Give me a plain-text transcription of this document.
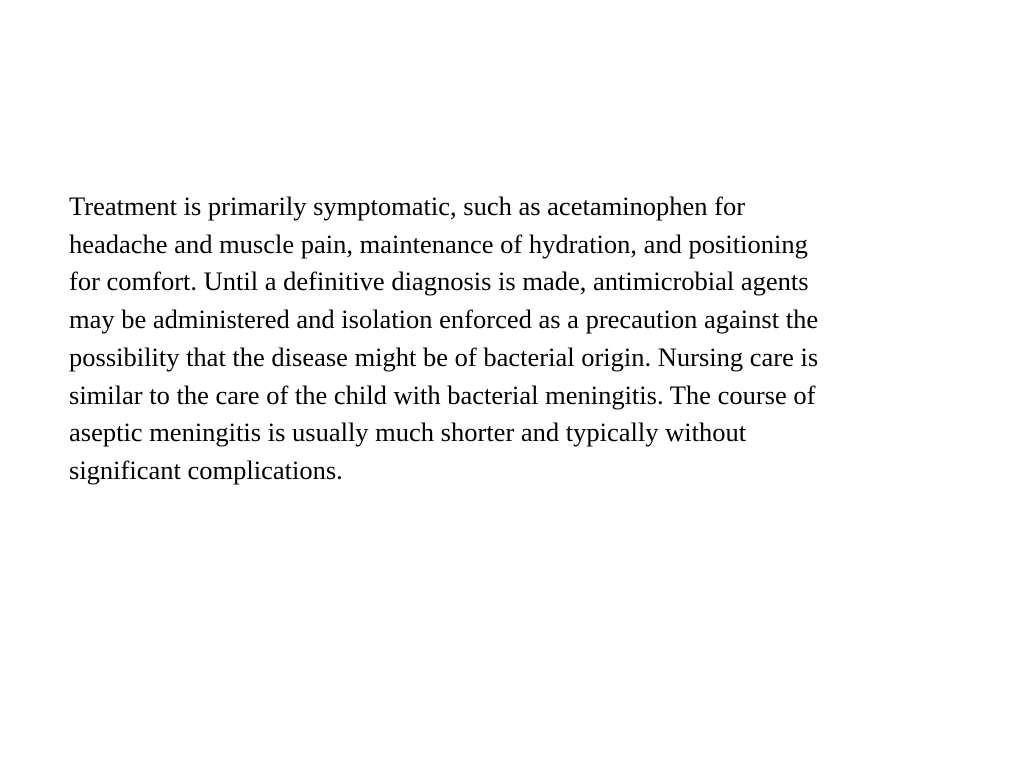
Treatment is primarily symptomatic, such as acetaminophen for
headache and muscle pain, maintenance of hydration, and positioning
for comfort. Until a definitive diagnosis is made, antimicrobial agents
may be administered and isolation enforced as a precaution against the
possibility that the disease might be of bacterial origin. Nursing care is
similar to the care of the child with bacterial meningitis. The course of
aseptic meningitis is usually much shorter and typically without
significant complications.
